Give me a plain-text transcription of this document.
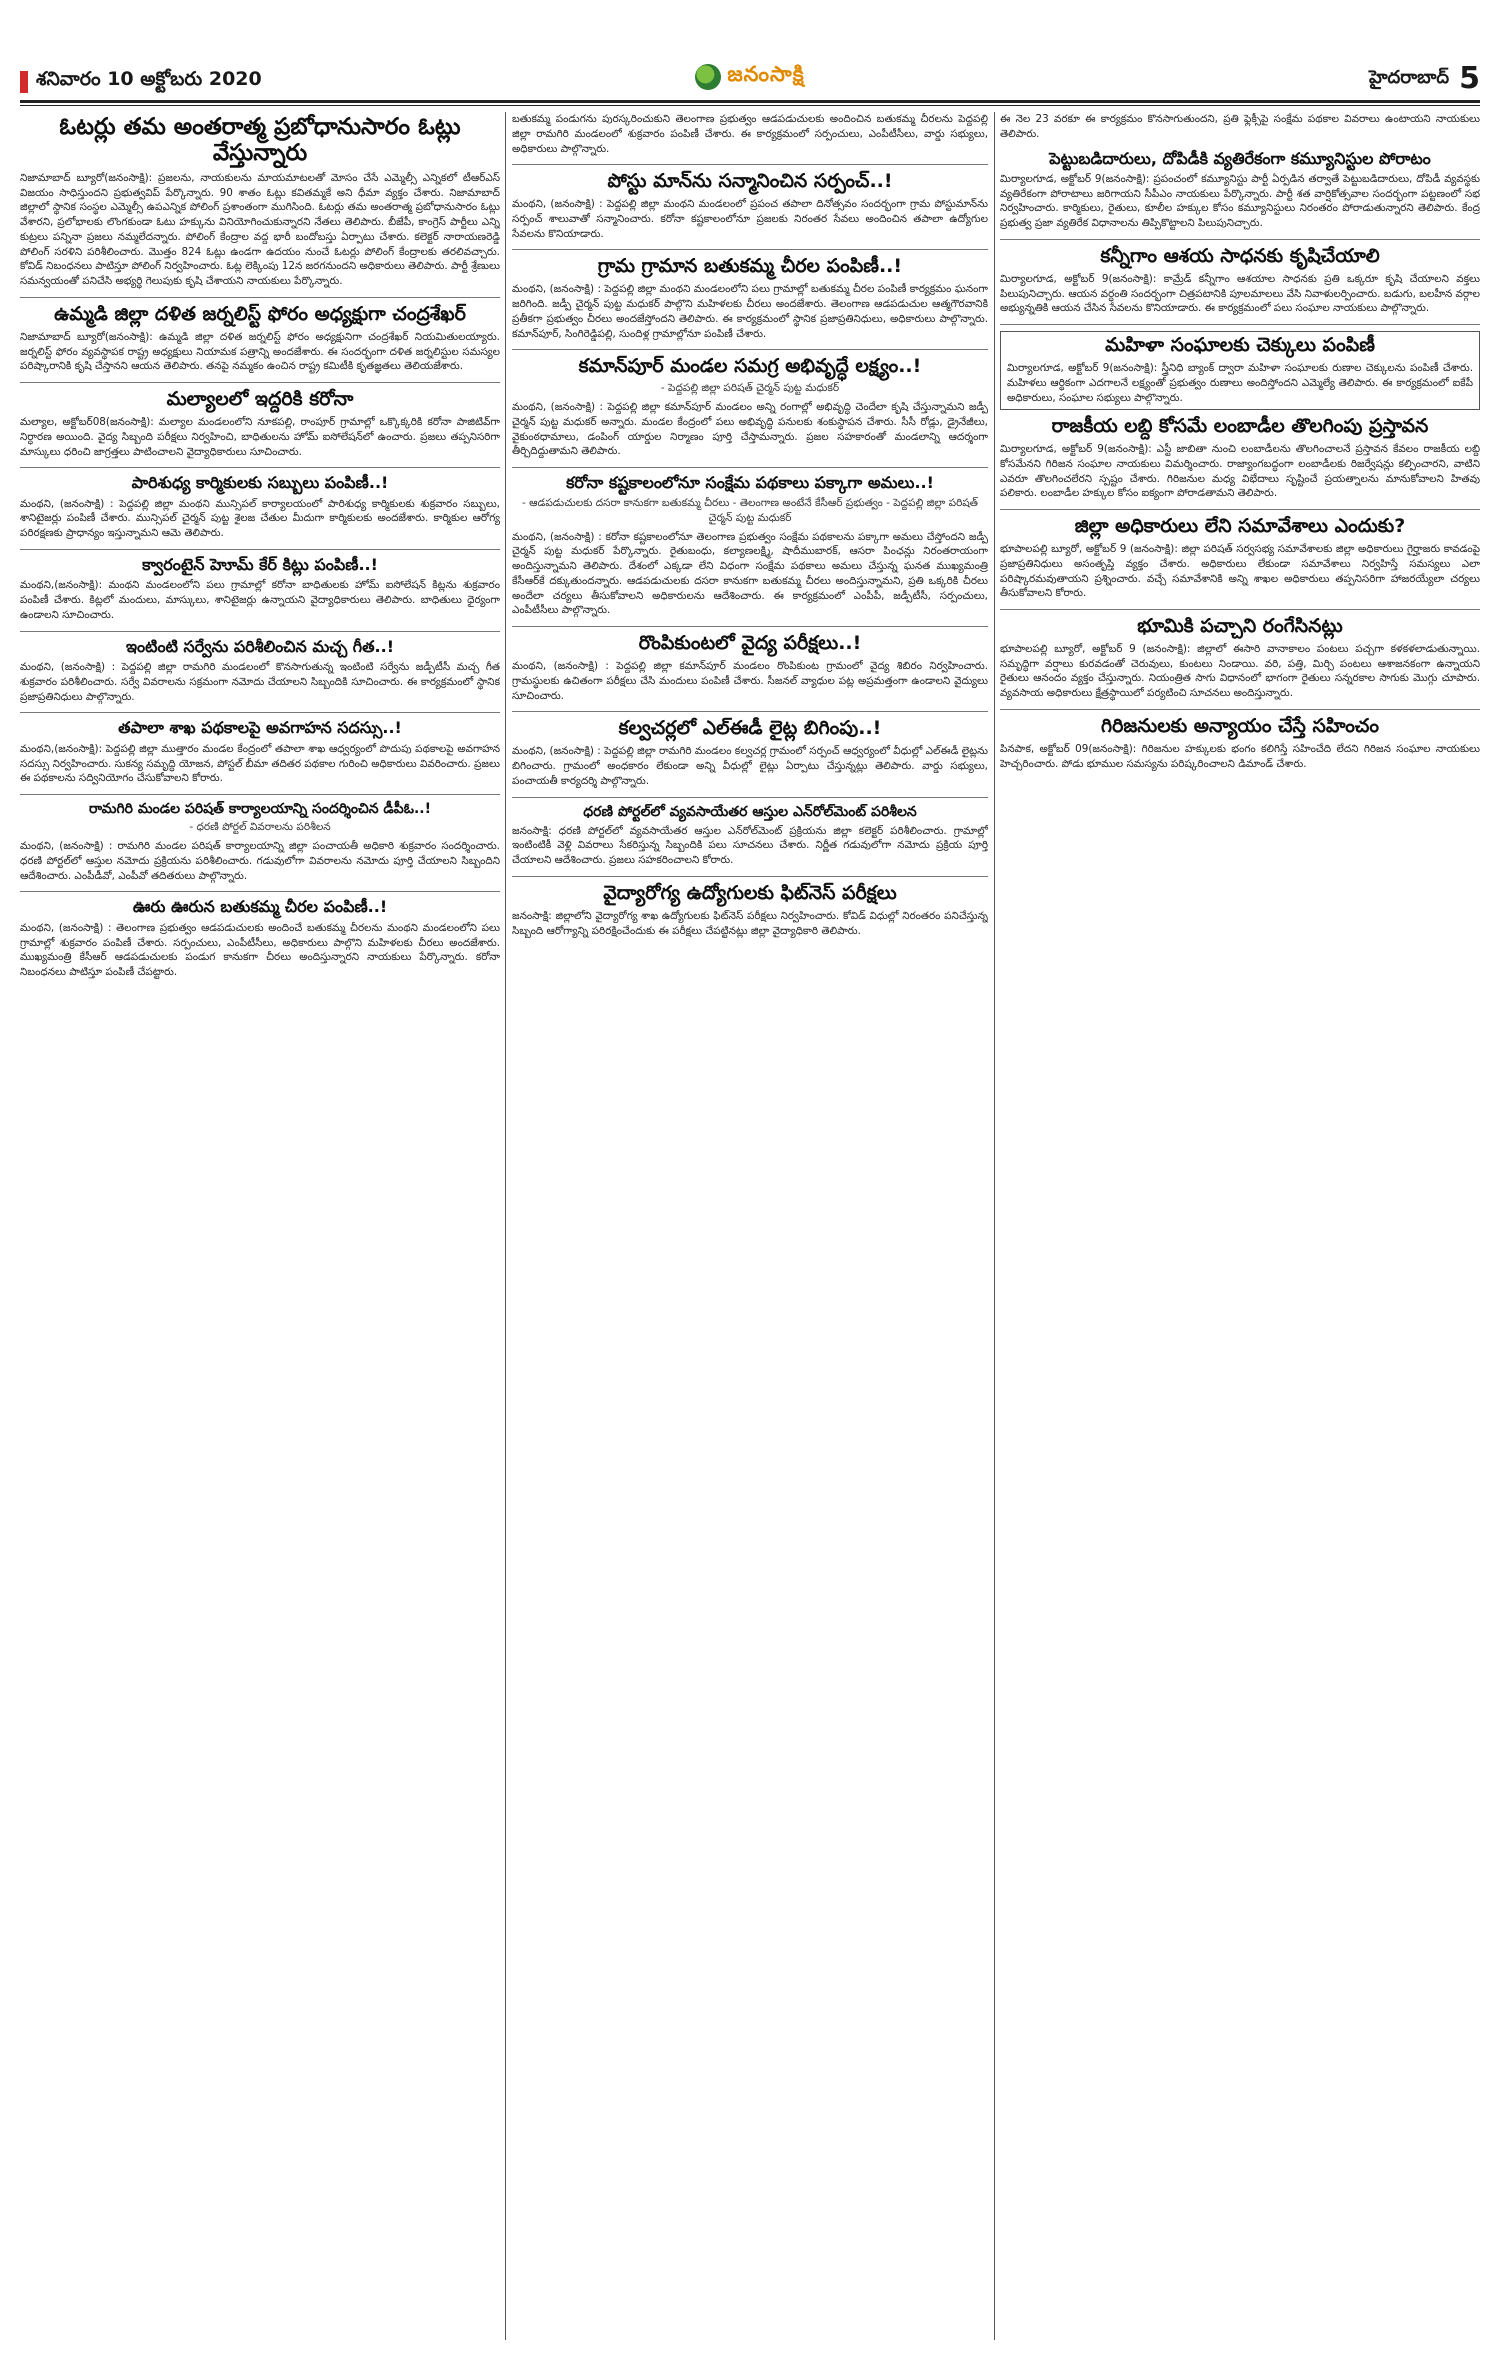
శనివారం 10 అక్టోబరు 2020	జనంసాక్షి	హైదరాబాద్ 5
ఓటర్లు తమ అంతరాత్మ ప్రబోధానుసారం ఓట్లు వేస్తున్నారు

నిజామాబాద్‌ బ్యూరో(జనంసాక్షి): ప్రజలను, నాయకులను మాయమాటలతో మోసం చేసే ఎమ్మెల్సీ ఎన్నికలో టీఆర్ఎస్ విజయం సాధిస్తుందని ప్రభుత్వవిప్ పేర్కొన్నారు. 90 శాతం ఓట్లు కవితమ్మకే అని ధీమా వ్యక్తం చేశారు. నిజామాబాద్‌ జిల్లాలో స్థానిక సంస్థల ఎమ్మెల్సీ ఉపఎన్నిక పోలింగ్‌ ప్రశాంతంగా ముగిసింది. ఓటర్లు తమ అంతరాత్మ ప్రబోధానుసారం ఓట్లు వేశారని, ప్రలోభాలకు లొంగకుండా ఓటు హక్కును వినియోగించుకున్నారని నేతలు తెలిపారు. బీజేపీ, కాంగ్రెస్ పార్టీలు ఎన్ని కుట్రలు పన్నినా ప్రజలు నమ్మలేదన్నారు. పోలింగ్ కేంద్రాల వద్ద భారీ బందోబస్తు ఏర్పాటు చేశారు. కలెక్టర్‌ నారాయణరెడ్డి పోలింగ్ సరళిని పరిశీలించారు. మొత్తం 824 ఓట్లు ఉండగా ఉదయం నుంచే ఓటర్లు పోలింగ్ కేంద్రాలకు తరలివచ్చారు. కోవిడ్‌ నిబంధనలు పాటిస్తూ పోలింగ్‌ నిర్వహించారు. ఓట్ల లెక్కింపు 12న జరగనుందని అధికారులు తెలిపారు. పార్టీ శ్రేణులు సమన్వయంతో పనిచేసి అభ్యర్థి గెలుపుకు కృషి చేశాయని నాయకులు పేర్కొన్నారు.

ఉమ్మడి జిల్లా దళిత జర్నలిస్ట్‌ ఫోరం అధ్యక్షుగా చంద్రశేఖర్‌

నిజామాబాద్‌ బ్యూరో(జనంసాక్షి): ఉమ్మడి జిల్లా దళిత జర్నలిస్ట్‌ ఫోరం అధ్యక్షునిగా చంద్రశేఖర్‌ నియమితులయ్యారు. జర్నలిస్ట్‌ ఫోరం వ్యవస్థాపక రాష్ట్ర అధ్యక్షులు నియామక పత్రాన్ని అందజేశారు. ఈ సందర్భంగా దళిత జర్నలిస్టుల సమస్యల పరిష్కారానికి కృషి చేస్తానని ఆయన తెలిపారు. తనపై నమ్మకం ఉంచిన రాష్ట్ర కమిటీకి కృతజ్ఞతలు తెలియజేశారు.

మల్యాలలో ఇద్దరికి కరోనా

మల్యాల, అక్టోబర్‌08(జనంసాక్షి): మల్యాల మండలంలోని నూకపల్లి, రాంపూర్‌ గ్రామాల్లో ఒక్కొక్కరికి కరోనా పాజిటివ్‌గా నిర్ధారణ అయింది. వైద్య సిబ్బంది పరీక్షలు నిర్వహించి, బాధితులను హోమ్‌ ఐసోలేషన్‌లో ఉంచారు. ప్రజలు తప్పనిసరిగా మాస్కులు ధరించి జాగ్రత్తలు పాటించాలని వైద్యాధికారులు సూచించారు.

పారిశుధ్య కార్మికులకు సబ్బులు పంపిణీ..!

మంథని, (జనంసాక్షి) : పెద్దపల్లి జిల్లా మంథని మున్సిపల్‌ కార్యాలయంలో పారిశుధ్య కార్మికులకు శుక్రవారం సబ్బులు, శానిటైజర్లు పంపిణీ చేశారు. మున్సిపల్‌ చైర్మన్‌ పుట్ట శైలజ చేతుల మీదుగా కార్మికులకు అందజేశారు. కార్మికుల ఆరోగ్య పరిరక్షణకు ప్రాధాన్యం ఇస్తున్నామని ఆమె తెలిపారు.

క్వారంటైన్‌ హెూమ్‌ కేర్‌ కిట్లు పంపిణీ..!

మంథని,(జనంసాక్షి): మంథని మండలంలోని పలు గ్రామాల్లో కరోనా బాధితులకు హోమ్‌ ఐసోలేషన్‌ కిట్లను శుక్రవారం పంపిణీ చేశారు. కిట్లలో మందులు, మాస్కులు, శానిటైజర్లు ఉన్నాయని వైద్యాధికారులు తెలిపారు. బాధితులు ధైర్యంగా ఉండాలని సూచించారు.

ఇంటింటి సర్వేను పరిశీలించిన మచ్చ గీత..!

మంథని, (జనంసాక్షి) : పెద్దపల్లి జిల్లా రామగిరి మండలంలో కొనసాగుతున్న ఇంటింటి సర్వేను జడ్పీటీసీ మచ్చ గీత శుక్రవారం పరిశీలించారు. సర్వే వివరాలను సక్రమంగా నమోదు చేయాలని సిబ్బందికి సూచించారు. ఈ కార్యక్రమంలో స్థానిక ప్రజాప్రతినిధులు పాల్గొన్నారు.

తపాలా శాఖ పథకాలపై అవగాహన సదస్సు..!

మంథని,(జనంసాక్షి): పెద్దపల్లి జిల్లా ముత్తారం మండల కేంద్రంలో తపాలా శాఖ ఆధ్వర్యంలో పొదుపు పథకాలపై అవగాహన సదస్సు నిర్వహించారు. సుకన్య సమృద్ధి యోజన, పోస్టల్‌ బీమా తదితర పథకాల గురించి అధికారులు వివరించారు. ప్రజలు ఈ పథకాలను సద్వినియోగం చేసుకోవాలని కోరారు.

రామగిరి మండల పరిషత్‌ కార్యాలయాన్ని సందర్శించిన డీపీఓ..!

- ధరణి పోర్టల్‌ వివరాలను పరిశీలన

మంథని, (జనంసాక్షి) : రామగిరి మండల పరిషత్‌ కార్యాలయాన్ని జిల్లా పంచాయతీ అధికారి శుక్రవారం సందర్శించారు. ధరణి పోర్టల్‌లో ఆస్తుల నమోదు ప్రక్రియను పరిశీలించారు. గడువులోగా వివరాలను నమోదు పూర్తి చేయాలని సిబ్బందిని ఆదేశించారు. ఎంపీడీవో, ఎంపీవో తదితరులు పాల్గొన్నారు.

ఊరు ఊరున బతుకమ్మ చీరల పంపిణీ..!

మంథని, (జనంసాక్షి) : తెలంగాణ ప్రభుత్వం ఆడపడుచులకు అందించే బతుకమ్మ చీరలను మంథని మండలంలోని పలు గ్రామాల్లో శుక్రవారం పంపిణీ చేశారు. సర్పంచులు, ఎంపీటీసీలు, అధికారులు పాల్గొని మహిళలకు చీరలు అందజేశారు. ముఖ్యమంత్రి కేసీఆర్‌ ఆడపడుచులకు పండుగ కానుకగా చీరలు అందిస్తున్నారని నాయకులు పేర్కొన్నారు. కరోనా నిబంధనలు పాటిస్తూ పంపిణీ చేపట్టారు.

బతుకమ్మ పండుగను పురస్కరించుకుని తెలంగాణ ప్రభుత్వం ఆడపడుచులకు అందించిన బతుకమ్మ చీరలను పెద్దపల్లి జిల్లా రామగిరి మండలంలో శుక్రవారం పంపిణీ చేశారు. ఈ కార్యక్రమంలో సర్పంచులు, ఎంపీటీసీలు, వార్డు సభ్యులు, అధికారులు పాల్గొన్నారు.

పోస్టు మాన్‌ను సన్మానించిన సర్పంచ్‌..!

మంథని, (జనంసాక్షి) : పెద్దపల్లి జిల్లా మంథని మండలంలో ప్రపంచ తపాలా దినోత్సవం సందర్భంగా గ్రామ పోస్టుమాన్‌ను సర్పంచ్‌ శాలువాతో సన్మానించారు. కరోనా కష్టకాలంలోనూ ప్రజలకు నిరంతర సేవలు అందించిన తపాలా ఉద్యోగుల సేవలను కొనియాడారు.

గ్రామ గ్రామాన బతుకమ్మ చీరల పంపిణీ..!

మంథని, (జనంసాక్షి) : పెద్దపల్లి జిల్లా మంథని మండలంలోని పలు గ్రామాల్లో బతుకమ్మ చీరల పంపిణీ కార్యక్రమం ఘనంగా జరిగింది. జడ్పీ చైర్మన్‌ పుట్ట మధుకర్‌ పాల్గొని మహిళలకు చీరలు అందజేశారు. తెలంగాణ ఆడపడుచుల ఆత్మగౌరవానికి ప్రతీకగా ప్రభుత్వం చీరలు అందజేస్తోందని తెలిపారు. ఈ కార్యక్రమంలో స్థానిక ప్రజాప్రతినిధులు, అధికారులు పాల్గొన్నారు. కమాన్‌పూర్‌, సింగిరెడ్డిపల్లి, సుందిళ్ల గ్రామాల్లోనూ పంపిణీ చేశారు.

కమాన్‌పూర్‌ మండల సమగ్ర అభివృద్ధే లక్ష్యం..!

- పెద్దపల్లి జిల్లా పరిషత్‌ చైర్మన్‌ పుట్ట మధుకర్‌

మంథని, (జనంసాక్షి) : పెద్దపల్లి జిల్లా కమాన్‌పూర్‌ మండలం అన్ని రంగాల్లో అభివృద్ధి చెందేలా కృషి చేస్తున్నామని జడ్పీ చైర్మన్‌ పుట్ట మధుకర్‌ అన్నారు. మండల కేంద్రంలో పలు అభివృద్ధి పనులకు శంకుస్థాపన చేశారు. సీసీ రోడ్లు, డ్రైనేజీలు, వైకుంఠధామాలు, డంపింగ్‌ యార్డుల నిర్మాణం పూర్తి చేస్తామన్నారు. ప్రజల సహకారంతో మండలాన్ని ఆదర్శంగా తీర్చిదిద్దుతామని తెలిపారు.

కరోనా కష్టకాలంలోనూ సంక్షేమ పథకాలు పక్కాగా అమలు..!

- ఆడపడుచులకు దసరా కానుకగా బతుకమ్మ చీరలు - తెలంగాణ అంటేనే కేసీఆర్‌ ప్రభుత్వం - పెద్దపల్లి జిల్లా పరిషత్‌ చైర్మన్‌ పుట్ట మధుకర్‌

మంథని, (జనంసాక్షి) : కరోనా కష్టకాలంలోనూ తెలంగాణ ప్రభుత్వం సంక్షేమ పథకాలను పక్కాగా అమలు చేస్తోందని జడ్పీ చైర్మన్‌ పుట్ట మధుకర్‌ పేర్కొన్నారు. రైతుబంధు, కల్యాణలక్ష్మి, షాదీముబారక్‌, ఆసరా పింఛన్లు నిరంతరాయంగా అందిస్తున్నామని తెలిపారు. దేశంలో ఎక్కడా లేని విధంగా సంక్షేమ పథకాలు అమలు చేస్తున్న ఘనత ముఖ్యమంత్రి కేసీఆర్‌కే దక్కుతుందన్నారు. ఆడపడుచులకు దసరా కానుకగా బతుకమ్మ చీరలు అందిస్తున్నామని, ప్రతి ఒక్కరికి చీరలు అందేలా చర్యలు తీసుకోవాలని అధికారులను ఆదేశించారు. ఈ కార్యక్రమంలో ఎంపీపీ, జడ్పీటీసీ, సర్పంచులు, ఎంపీటీసీలు పాల్గొన్నారు.

రొంపికుంటలో వైద్య పరీక్షలు..!

మంథని, (జనంసాక్షి) : పెద్దపల్లి జిల్లా కమాన్‌పూర్‌ మండలం రొంపికుంట గ్రామంలో వైద్య శిబిరం నిర్వహించారు. గ్రామస్థులకు ఉచితంగా పరీక్షలు చేసి మందులు పంపిణీ చేశారు. సీజనల్‌ వ్యాధుల పట్ల అప్రమత్తంగా ఉండాలని వైద్యులు సూచించారు.

కల్వచర్లలో ఎల్‌ఈడీ లైట్ల బిగింపు..!

మంథని, (జనంసాక్షి) : పెద్దపల్లి జిల్లా రామగిరి మండలం కల్వచర్ల గ్రామంలో సర్పంచ్‌ ఆధ్వర్యంలో వీధుల్లో ఎల్‌ఈడీ లైట్లను బిగించారు. గ్రామంలో అంధకారం లేకుండా అన్ని వీధుల్లో లైట్లు ఏర్పాటు చేస్తున్నట్లు తెలిపారు. వార్డు సభ్యులు, పంచాయతీ కార్యదర్శి పాల్గొన్నారు.

ధరణి పోర్టల్‌లో వ్యవసాయేతర ఆస్తుల ఎన్‌రోల్‌మెంట్‌ పరిశీలన

జనంసాక్షి: ధరణి పోర్టల్‌లో వ్యవసాయేతర ఆస్తుల ఎన్‌రోల్‌మెంట్‌ ప్రక్రియను జిల్లా కలెక్టర్‌ పరిశీలించారు. గ్రామాల్లో ఇంటింటికీ వెళ్లి వివరాలు సేకరిస్తున్న సిబ్బందికి పలు సూచనలు చేశారు. నిర్ణీత గడువులోగా నమోదు ప్రక్రియ పూర్తి చేయాలని ఆదేశించారు. ప్రజలు సహకరించాలని కోరారు.

వైద్యారోగ్య ఉద్యోగులకు ఫిట్‌నెస్‌ పరీక్షలు

జనంసాక్షి: జిల్లాలోని వైద్యారోగ్య శాఖ ఉద్యోగులకు ఫిట్‌నెస్‌ పరీక్షలు నిర్వహించారు. కోవిడ్‌ విధుల్లో నిరంతరం పనిచేస్తున్న సిబ్బంది ఆరోగ్యాన్ని పరిరక్షించేందుకు ఈ పరీక్షలు చేపట్టినట్లు జిల్లా వైద్యాధికారి తెలిపారు.

ఈ నెల 23 వరకూ ఈ కార్యక్రమం కొనసాగుతుందని, ప్రతి ఫ్లెక్సీపై సంక్షేమ పథకాల వివరాలు ఉంటాయని నాయకులు తెలిపారు.

పెట్టుబడిదారులు, దోపిడీకి వ్యతిరేకంగా కమ్యూనిస్టుల పోరాటం

మిర్యాలగూడ, అక్టోబర్‌ 9(జనంసాక్షి): ప్రపంచంలో కమ్యూనిస్టు పార్టీ ఏర్పడిన తర్వాతే పెట్టుబడిదారులు, దోపిడీ వ్యవస్థకు వ్యతిరేకంగా పోరాటాలు జరిగాయని సీపీఎం నాయకులు పేర్కొన్నారు. పార్టీ శత వార్షికోత్సవాల సందర్భంగా పట్టణంలో సభ నిర్వహించారు. కార్మికులు, రైతులు, కూలీల హక్కుల కోసం కమ్యూనిస్టులు నిరంతరం పోరాడుతున్నారని తెలిపారు. కేంద్ర ప్రభుత్వ ప్రజా వ్యతిరేక విధానాలను తిప్పికొట్టాలని పిలుపునిచ్చారు.

కన్నీగాం ఆశయ సాధనకు కృషిచేయాలి

మిర్యాలగూడ, అక్టోబర్‌ 9(జనంసాక్షి): కామ్రేడ్‌ కన్నీగాం ఆశయాల సాధనకు ప్రతి ఒక్కరూ కృషి చేయాలని వక్తలు పిలుపునిచ్చారు. ఆయన వర్ధంతి సందర్భంగా చిత్రపటానికి పూలమాలలు వేసి నివాళులర్పించారు. బడుగు, బలహీన వర్గాల అభ్యున్నతికి ఆయన చేసిన సేవలను కొనియాడారు. ఈ కార్యక్రమంలో పలు సంఘాల నాయకులు పాల్గొన్నారు.

మహిళా సంఘాలకు చెక్కులు పంపిణీ

మిర్యాలగూడ, అక్టోబర్‌ 9(జనంసాక్షి): స్త్రీనిధి బ్యాంక్‌ ద్వారా మహిళా సంఘాలకు రుణాల చెక్కులను పంపిణీ చేశారు. మహిళలు ఆర్థికంగా ఎదగాలనే లక్ష్యంతో ప్రభుత్వం రుణాలు అందిస్తోందని ఎమ్మెల్యే తెలిపారు. ఈ కార్యక్రమంలో ఐకేపీ అధికారులు, సంఘాల సభ్యులు పాల్గొన్నారు.

రాజకీయ లబ్ది కోసమే లంబాడీల తొలగింపు ప్రస్తావన

మిర్యాలగూడ, అక్టోబర్‌ 9(జనంసాక్షి): ఎస్టీ జాబితా నుంచి లంబాడీలను తొలగించాలనే ప్రస్తావన కేవలం రాజకీయ లబ్ది కోసమేనని గిరిజన సంఘాల నాయకులు విమర్శించారు. రాజ్యాంగబద్ధంగా లంబాడీలకు రిజర్వేషన్లు కల్పించారని, వాటిని ఎవరూ తొలగించలేరని స్పష్టం చేశారు. గిరిజనుల మధ్య విభేదాలు సృష్టించే ప్రయత్నాలను మానుకోవాలని హితవు పలికారు. లంబాడీల హక్కుల కోసం ఐక్యంగా పోరాడతామని తెలిపారు.

జిల్లా అధికారులు లేని సమావేశాలు ఎందుకు?

భూపాలపల్లి బ్యూరో, అక్టోబర్‌ 9 (జనంసాక్షి): జిల్లా పరిషత్‌ సర్వసభ్య సమావేశాలకు జిల్లా అధికారులు గైర్హాజరు కావడంపై ప్రజాప్రతినిధులు అసంతృప్తి వ్యక్తం చేశారు. అధికారులు లేకుండా సమావేశాలు నిర్వహిస్తే సమస్యలు ఎలా పరిష్కారమవుతాయని ప్రశ్నించారు. వచ్చే సమావేశానికి అన్ని శాఖల అధికారులు తప్పనిసరిగా హాజరయ్యేలా చర్యలు తీసుకోవాలని కోరారు.

భూమికి పచ్చాని రంగేసినట్లు

భూపాలపల్లి బ్యూరో, అక్టోబర్‌ 9 (జనంసాక్షి): జిల్లాలో ఈసారి వానాకాలం పంటలు పచ్చగా కళకళలాడుతున్నాయి. సమృద్ధిగా వర్షాలు కురవడంతో చెరువులు, కుంటలు నిండాయి. వరి, పత్తి, మిర్చి పంటలు ఆశాజనకంగా ఉన్నాయని రైతులు ఆనందం వ్యక్తం చేస్తున్నారు. నియంత్రిత సాగు విధానంలో భాగంగా రైతులు సన్నరకాల సాగుకు మొగ్గు చూపారు. వ్యవసాయ అధికారులు క్షేత్రస్థాయిలో పర్యటించి సూచనలు అందిస్తున్నారు.

గిరిజనులకు అన్యాయం చేస్తే సహించం

పినపాక, అక్టోబర్‌ 09(జనంసాక్షి): గిరిజనుల హక్కులకు భంగం కలిగిస్తే సహించేది లేదని గిరిజన సంఘాల నాయకులు హెచ్చరించారు. పోడు భూముల సమస్యను పరిష్కరించాలని డిమాండ్‌ చేశారు.
